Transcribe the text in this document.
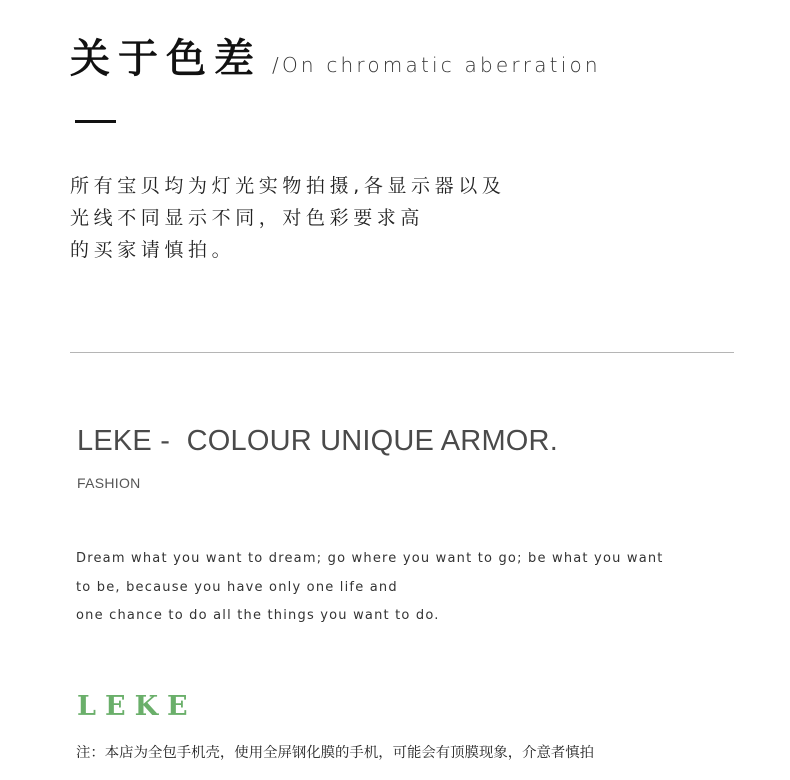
关于色差 /On chromatic aberration
所有宝贝均为灯光实物拍摄,各显示器以及
光线不同显示不同，对色彩要求高
的买家请慎拍。
LEKE -  COLOUR UNIQUE ARMOR.
FASHION
Dream what you want to dream; go where you want to go; be what you want
to be, because you have only one life and
one chance to do all the things you want to do.
LEKE
注：本店为全包手机壳，使用全屏钢化膜的手机，可能会有顶膜现象，介意者慎拍
